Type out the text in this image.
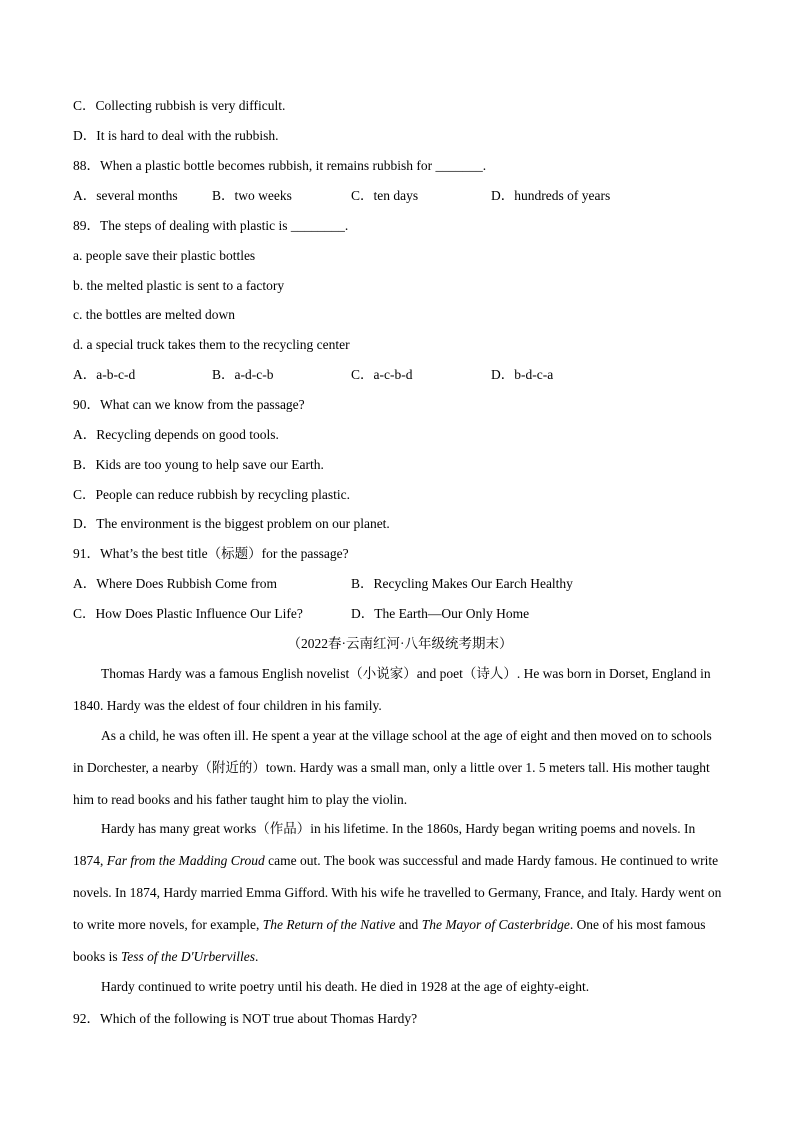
C．Collecting rubbish is very difficult.
D．It is hard to deal with the rubbish.
88．When a plastic bottle becomes rubbish, it remains rubbish for _______.
A．several months	B．two weeks	C．ten days	D．hundreds of years
89．The steps of dealing with plastic is ________.
a. people save their plastic bottles
b. the melted plastic is sent to a factory
c. the bottles are melted down
d. a special truck takes them to the recycling center
A．a-b-c-d	B．a-d-c-b	C．a-c-b-d	D．b-d-c-a
90．What can we know from the passage?
A．Recycling depends on good tools.
B．Kids are too young to help save our Earth.
C．People can reduce rubbish by recycling plastic.
D．The environment is the biggest problem on our planet.
91．What’s the best title（标题）for the passage?
A．Where Does Rubbish Come from	B．Recycling Makes Our Earch Healthy
C．How Does Plastic Influence Our Life?	D．The Earth—Our Only Home
（2022春·云南红河·八年级统考期末）
Thomas Hardy was a famous English novelist（小说家）and poet（诗人）. He was born in Dorset, England in 1840. Hardy was the eldest of four children in his family.
As a child, he was often ill. He spent a year at the village school at the age of eight and then moved on to schools in Dorchester, a nearby（附近的）town. Hardy was a small man, only a little over 1. 5 meters tall. His mother taught him to read books and his father taught him to play the violin.
Hardy has many great works（作品）in his lifetime. In the 1860s, Hardy began writing poems and novels. In 1874, Far from the Madding Croud came out. The book was successful and made Hardy famous. He continued to write novels. In 1874, Hardy married Emma Gifford. With his wife he travelled to Germany, France, and Italy. Hardy went on to write more novels, for example, The Return of the Native and The Mayor of Casterbridge. One of his most famous books is Tess of the D'Urbervilles.
Hardy continued to write poetry until his death. He died in 1928 at the age of eighty-eight.
92．Which of the following is NOT true about Thomas Hardy?
